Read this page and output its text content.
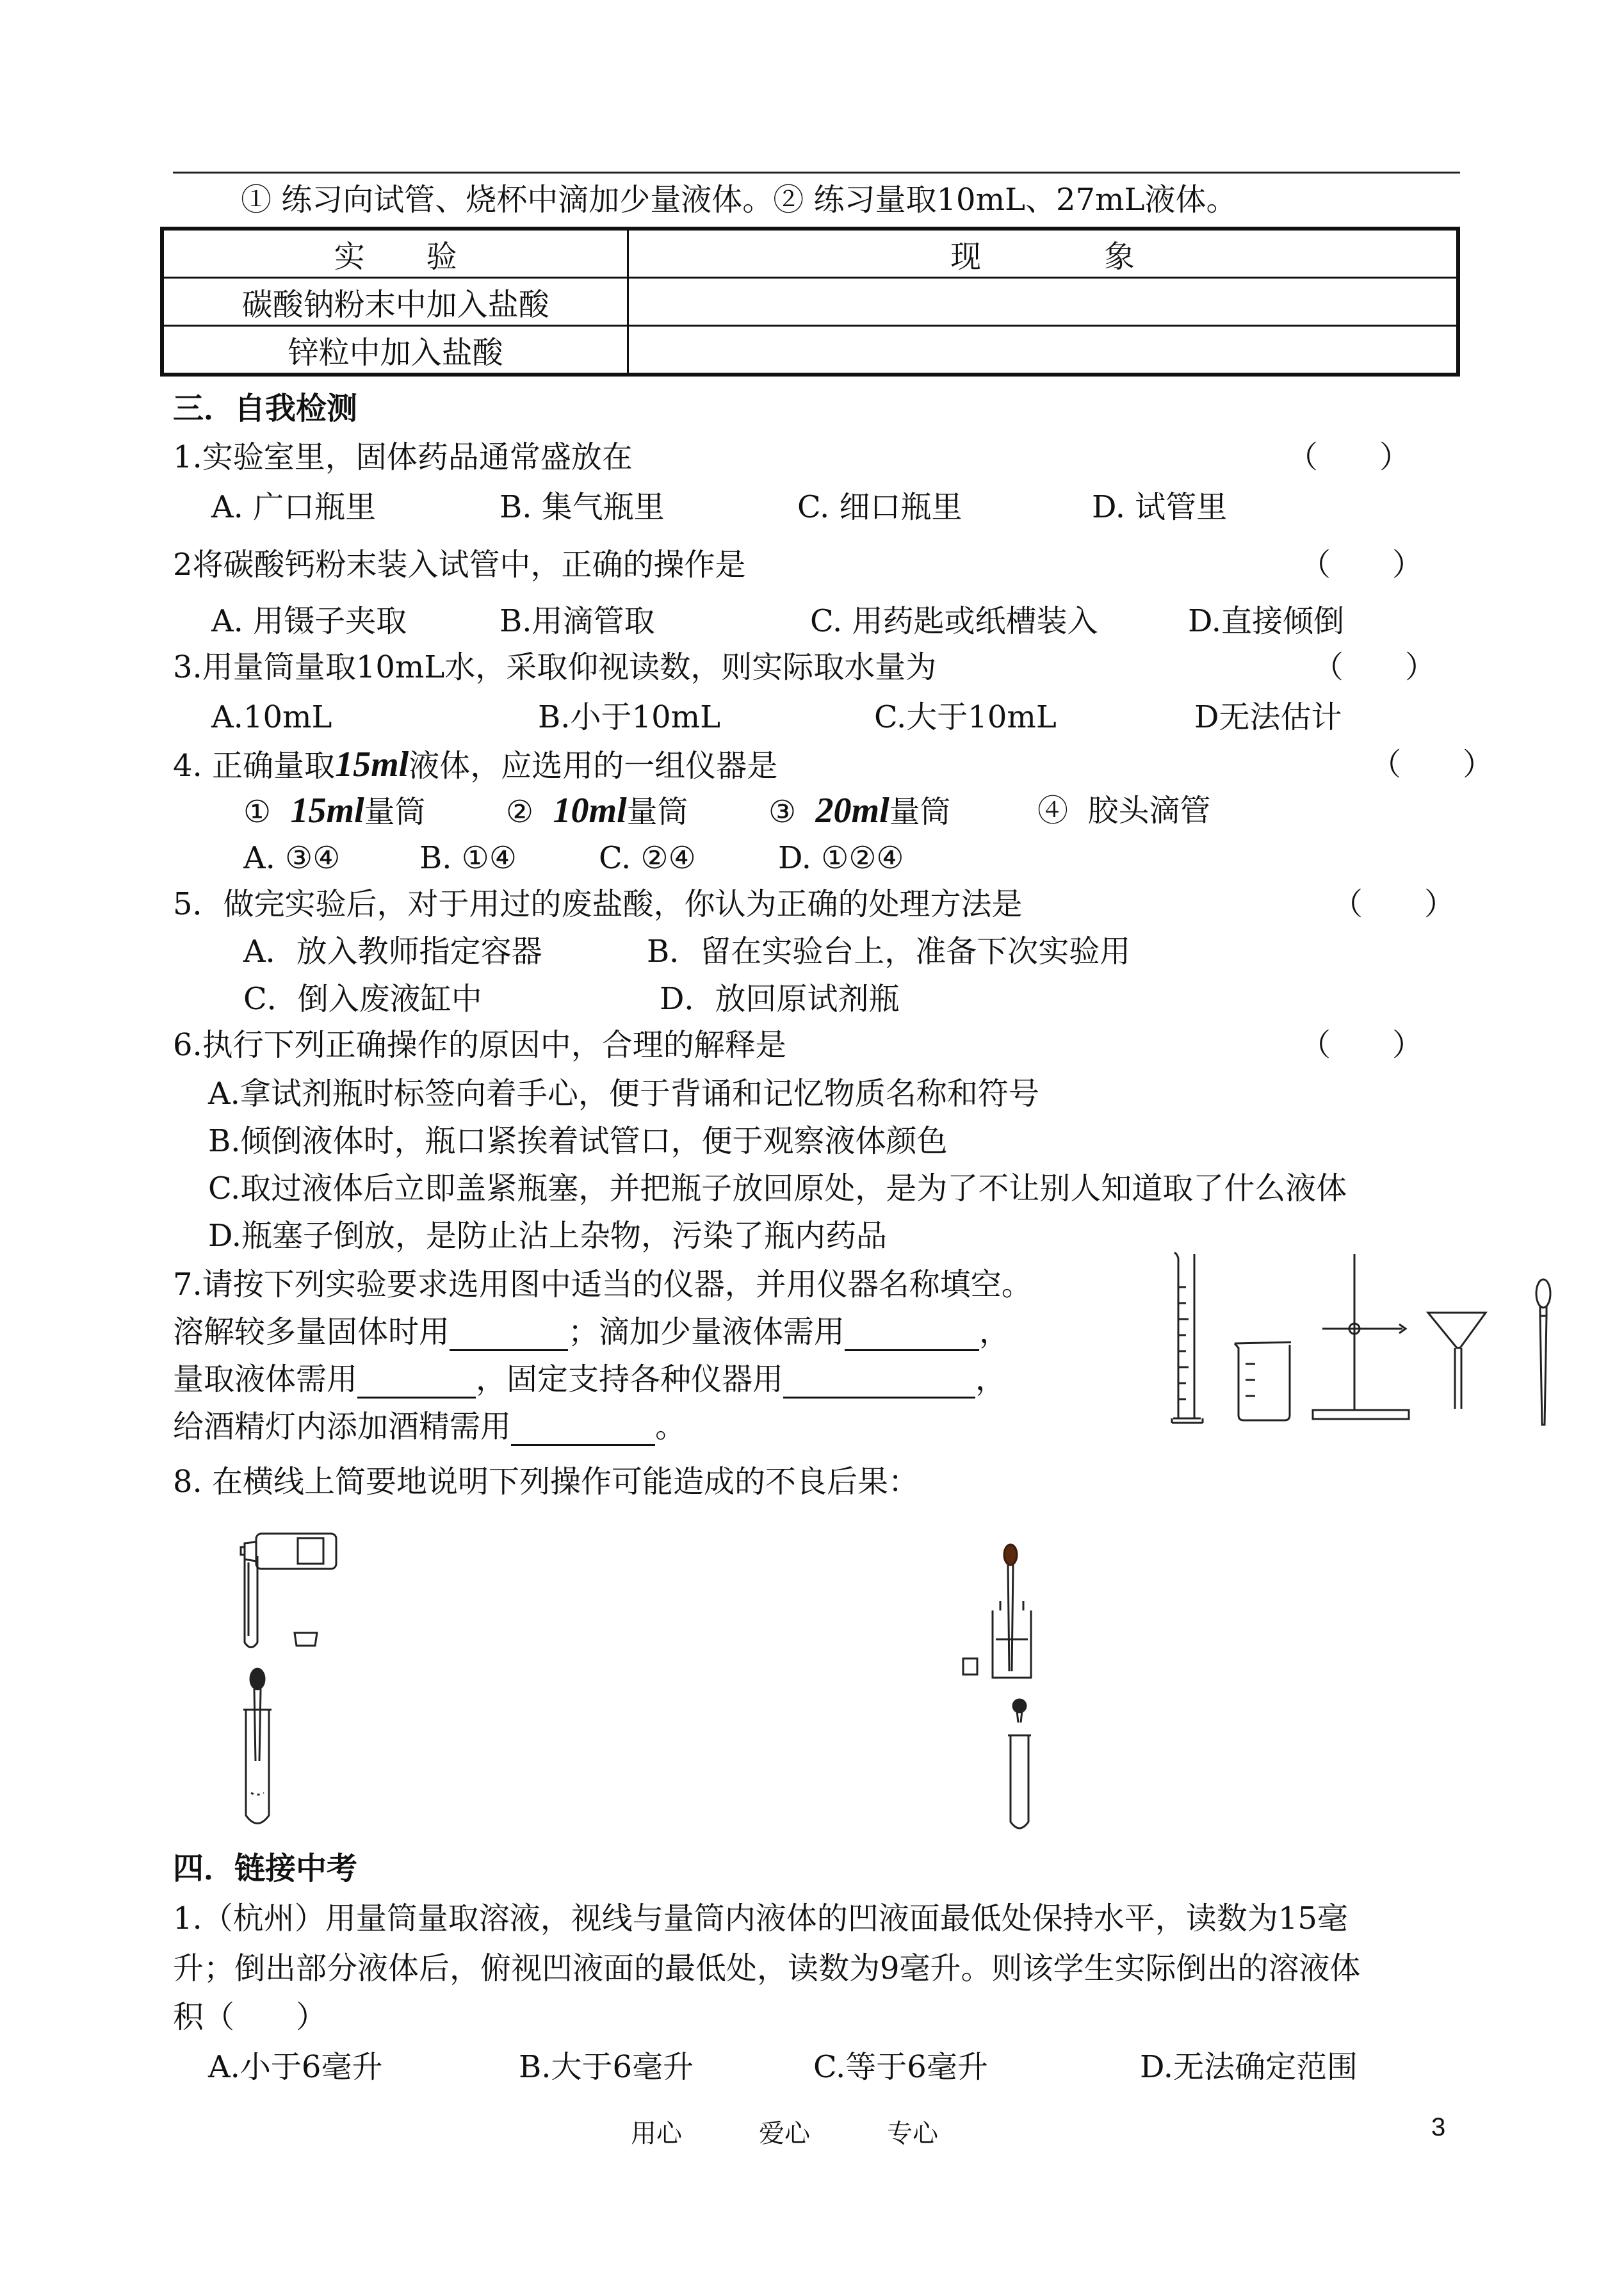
① 练习向试管、烧杯中滴加少量液体。② 练习量取10mL、27mL液体。
实　　验	现　　　　象
碳酸钠粉末中加入盐酸	
锌粒中加入盐酸	
三．自我检测
1.实验室里，固体药品通常盛放在	（　　）
A. 广口瓶里	B. 集气瓶里	C. 细口瓶里	D. 试管里
2将碳酸钙粉末装入试管中，正确的操作是	（　　）
A. 用镊子夹取	B.用滴管取	C. 用药匙或纸槽装入	D.直接倾倒
3.用量筒量取10mL水，采取仰视读数，则实际取水量为	（　　）
A.10mL	B.小于10mL	C.大于10mL	D无法估计
4. 正确量取15ml液体，应选用的一组仪器是	（　　）
① 15ml量筒	② 10ml量筒	③ 20ml量筒	④ 胶头滴管
A. ③④	B. ①④	C. ②④	D. ①②④
5．做完实验后，对于用过的废盐酸，你认为正确的处理方法是	（　　）
A．放入教师指定容器	B．留在实验台上，准备下次实验用
C．倒入废液缸中	D．放回原试剂瓶
6.执行下列正确操作的原因中，合理的解释是	（　　）
A.拿试剂瓶时标签向着手心，便于背诵和记忆物质名称和符号
B.倾倒液体时，瓶口紧挨着试管口，便于观察液体颜色
C.取过液体后立即盖紧瓶塞，并把瓶子放回原处，是为了不让别人知道取了什么液体
D.瓶塞子倒放，是防止沾上杂物，污染了瓶内药品
7.请按下列实验要求选用图中适当的仪器，并用仪器名称填空。
溶解较多量固体时用	；滴加少量液体需用	，
量取液体需用	，固定支持各种仪器用	，
给酒精灯内添加酒精需用	。
8. 在横线上简要地说明下列操作可能造成的不良后果：
四．链接中考
1.（杭州）用量筒量取溶液，视线与量筒内液体的凹液面最低处保持水平，读数为15毫
升；倒出部分液体后，俯视凹液面的最低处，读数为9毫升。则该学生实际倒出的溶液体
积（　　）
A.小于6毫升	B.大于6毫升	C.等于6毫升	D.无法确定范围
用心	爱心	专心	3
